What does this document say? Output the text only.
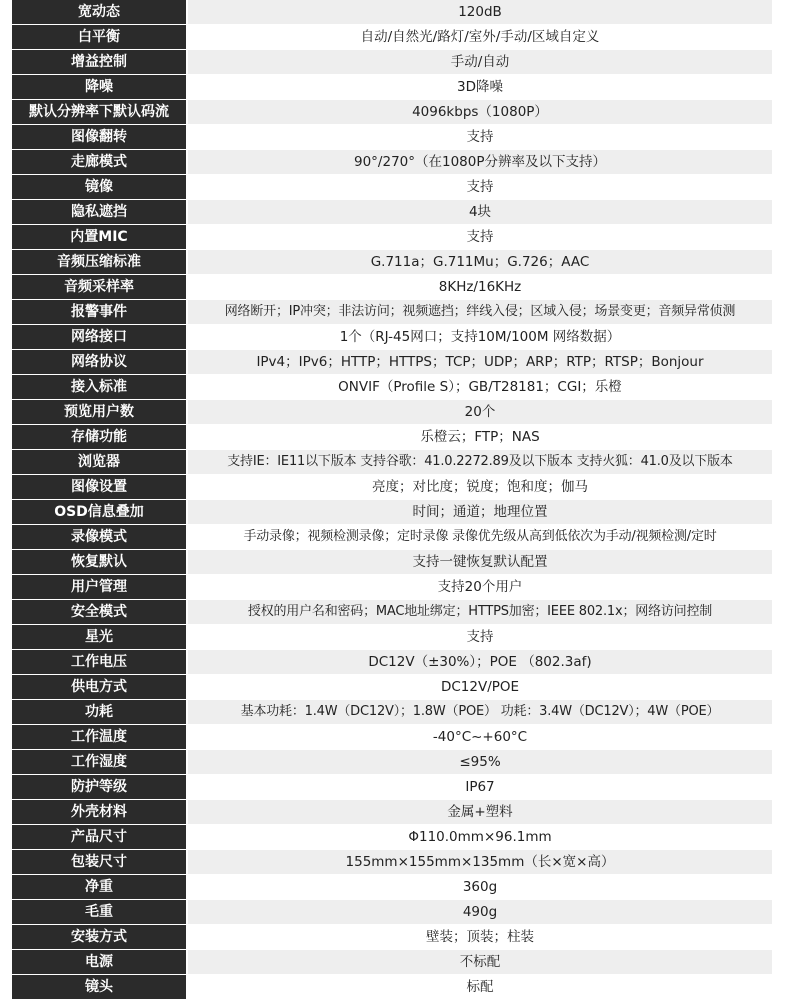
宽动态	120dB
白平衡	自动/自然光/路灯/室外/手动/区域自定义
增益控制	手动/自动
降噪	3D降噪
默认分辨率下默认码流	4096kbps（1080P）
图像翻转	支持
走廊模式	90°/270°（在1080P分辨率及以下支持）
镜像	支持
隐私遮挡	4块
内置MIC	支持
音频压缩标准	G.711a；G.711Mu；G.726；AAC
音频采样率	8KHz/16KHz
报警事件	网络断开；IP冲突；非法访问；视频遮挡；绊线入侵；区域入侵；场景变更；音频异常侦测
网络接口	1个（RJ-45网口；支持10M/100M 网络数据）
网络协议	IPv4；IPv6；HTTP；HTTPS；TCP；UDP；ARP；RTP；RTSP；Bonjour
接入标准	ONVIF（Profile S）；GB/T28181；CGI；乐橙
预览用户数	20个
存储功能	乐橙云；FTP；NAS
浏览器	支持IE：IE11以下版本 支持谷歌：41.0.2272.89及以下版本 支持火狐：41.0及以下版本
图像设置	亮度；对比度；锐度；饱和度；伽马
OSD信息叠加	时间；通道；地理位置
录像模式	手动录像；视频检测录像；定时录像 录像优先级从高到低依次为手动/视频检测/定时
恢复默认	支持一键恢复默认配置
用户管理	支持20个用户
安全模式	授权的用户名和密码；MAC地址绑定；HTTPS加密；IEEE 802.1x；网络访问控制
星光	支持
工作电压	DC12V（±30%）；POE （802.3af)
供电方式	DC12V/POE
功耗	基本功耗：1.4W（DC12V）；1.8W（POE） 功耗：3.4W（DC12V）；4W（POE）
工作温度	-40°C~+60°C
工作湿度	≤95%
防护等级	IP67
外壳材料	金属+塑料
产品尺寸	Φ110.0mm×96.1mm
包装尺寸	155mm×155mm×135mm（长×宽×高）
净重	360g
毛重	490g
安装方式	壁装；顶装；柱装
电源	不标配
镜头	标配
